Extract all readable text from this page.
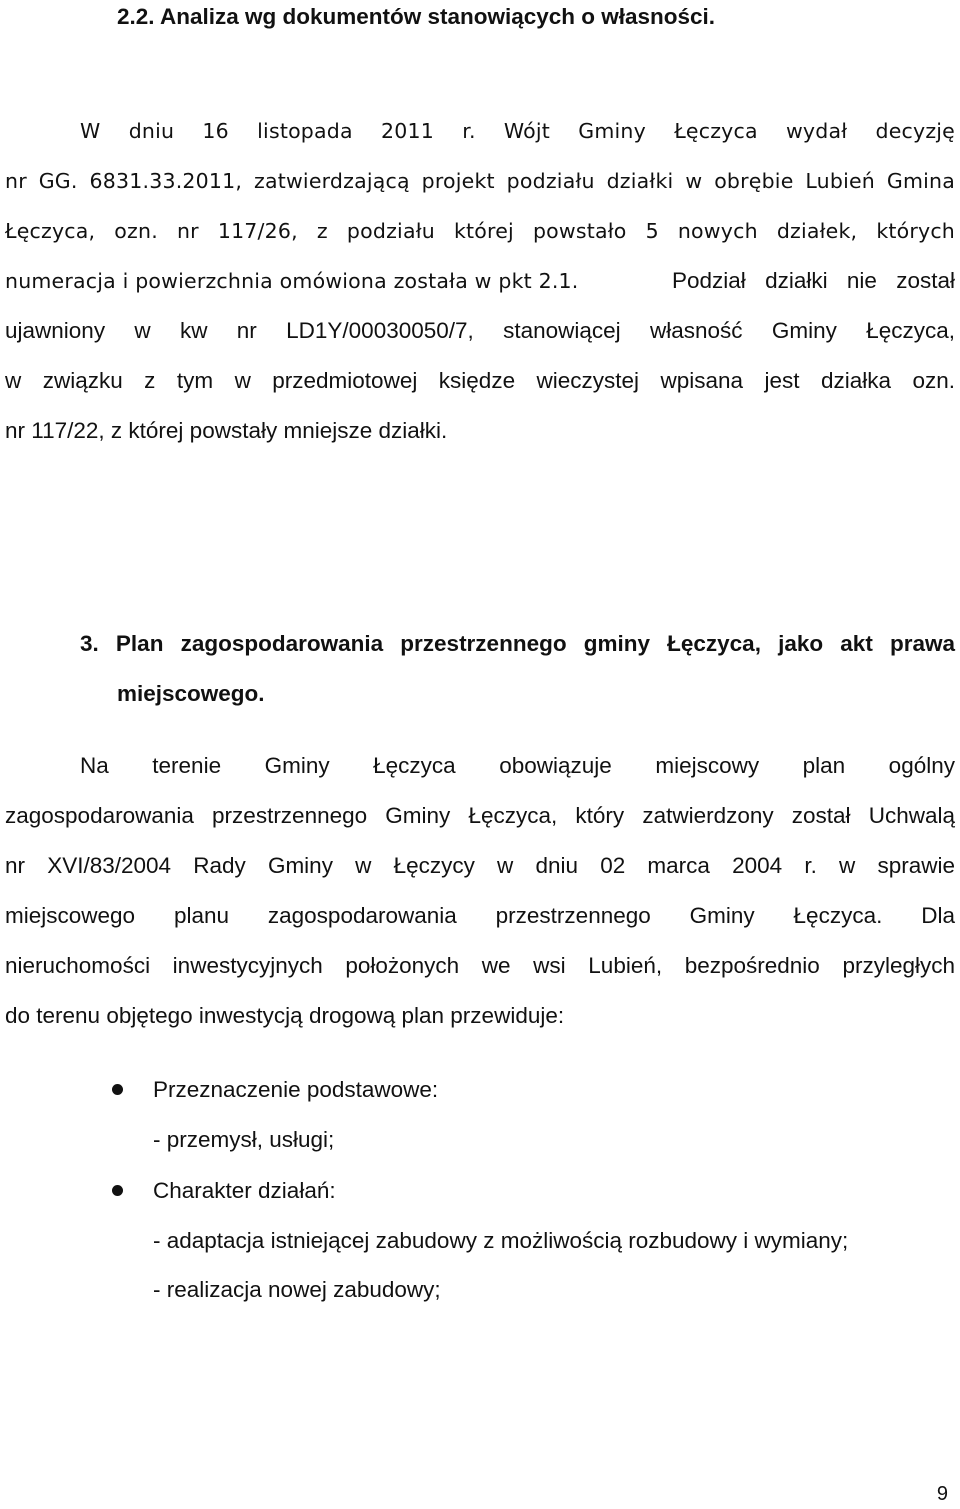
2.2. Analiza wg dokumentów stanowiących o własności.
W dniu 16 listopada 2011 r. Wójt Gminy Łęczyca wydał decyzję
nr GG. 6831.33.2011, zatwierdzającą projekt podziału działki w obrębie Lubień Gmina
Łęczyca, ozn. nr 117/26, z podziału której powstało 5 nowych działek, których
numeracja i powierzchnia omówiona została w pkt 2.1.	Podział działki nie został
ujawniony w kw nr LD1Y/00030050/7, stanowiącej własność Gminy Łęczyca,
w związku z tym w przedmiotowej księdze wieczystej wpisana jest działka ozn.
nr 117/22, z której powstały mniejsze działki.
3. Plan zagospodarowania przestrzennego gminy Łęczyca, jako akt prawa
miejscowego.
Na terenie Gminy Łęczyca obowiązuje miejscowy plan ogólny
zagospodarowania przestrzennego Gminy Łęczyca, który zatwierdzony został Uchwalą
nr XVI/83/2004 Rady Gminy w Łęczycy w dniu 02 marca 2004 r. w sprawie
miejscowego planu zagospodarowania przestrzennego Gminy Łęczyca. Dla
nieruchomości inwestycyjnych położonych we wsi Lubień, bezpośrednio przyległych
do terenu objętego inwestycją drogową plan przewiduje:
Przeznaczenie podstawowe:
- przemysł, usługi;
Charakter działań:
- adaptacja istniejącej zabudowy z możliwością rozbudowy i wymiany;
- realizacja nowej zabudowy;
9
